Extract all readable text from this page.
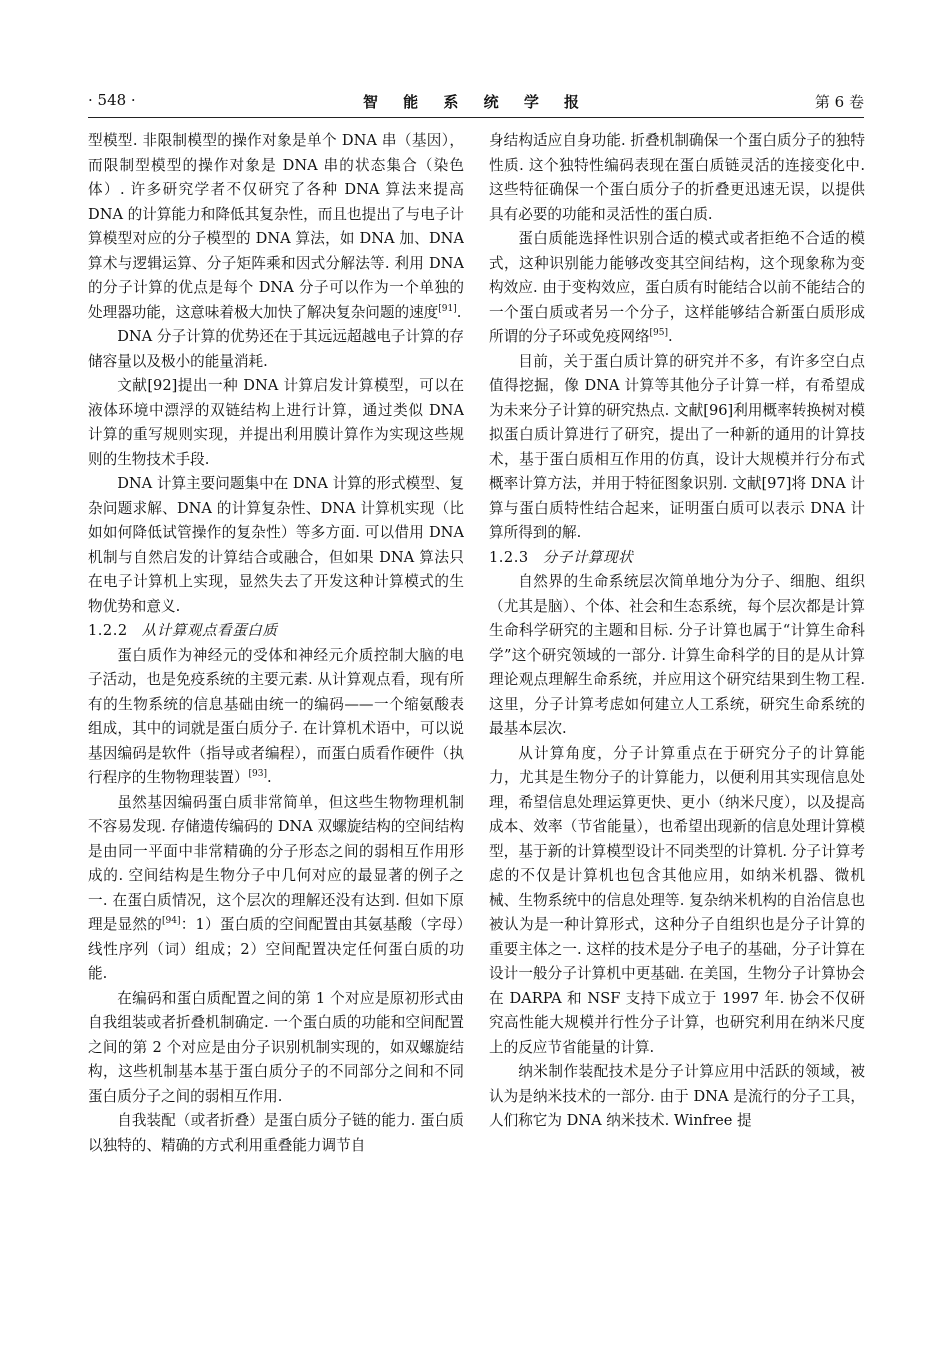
· 548 ·	智 能 系 统 学 报	第 6 卷

型模型. 非限制模型的操作对象是单个 DNA 串（基因），而限制型模型的操作对象是 DNA 串的状态集合（染色体）. 许多研究学者不仅研究了各种 DNA 算法来提高 DNA 的计算能力和降低其复杂性，而且也提出了与电子计算模型对应的分子模型的 DNA 算法，如 DNA 加、DNA 算术与逻辑运算、分子矩阵乘和因式分解法等. 利用 DNA 的分子计算的优点是每个 DNA 分子可以作为一个单独的处理器功能，这意味着极大加快了解决复杂问题的速度[91].

DNA 分子计算的优势还在于其远远超越电子计算的存储容量以及极小的能量消耗.

文献[92]提出一种 DNA 计算启发计算模型，可以在液体环境中漂浮的双链结构上进行计算，通过类似 DNA 计算的重写规则实现，并提出利用膜计算作为实现这些规则的生物技术手段.

DNA 计算主要问题集中在 DNA 计算的形式模型、复杂问题求解、DNA 的计算复杂性、DNA 计算机实现（比如如何降低试管操作的复杂性）等多方面. 可以借用 DNA 机制与自然启发的计算结合或融合，但如果 DNA 算法只在电子计算机上实现，显然失去了开发这种计算模式的生物优势和意义.

1.2.2 从计算观点看蛋白质

蛋白质作为神经元的受体和神经元介质控制大脑的电子活动，也是免疫系统的主要元素. 从计算观点看，现有所有的生物系统的信息基础由统一的编码——一个缩氨酸表组成，其中的词就是蛋白质分子. 在计算机术语中，可以说基因编码是软件（指导或者编程），而蛋白质看作硬件（执行程序的生物物理装置）[93].

虽然基因编码蛋白质非常简单，但这些生物物理机制不容易发现. 存储遗传编码的 DNA 双螺旋结构的空间结构是由同一平面中非常精确的分子形态之间的弱相互作用形成的. 空间结构是生物分子中几何对应的最显著的例子之一. 在蛋白质情况，这个层次的理解还没有达到. 但如下原理是显然的[94]：1）蛋白质的空间配置由其氨基酸（字母）线性序列（词）组成；2）空间配置决定任何蛋白质的功能.

在编码和蛋白质配置之间的第 1 个对应是原初形式由自我组装或者折叠机制确定. 一个蛋白质的功能和空间配置之间的第 2 个对应是由分子识别机制实现的，如双螺旋结构，这些机制基本基于蛋白质分子的不同部分之间和不同蛋白质分子之间的弱相互作用.

自我装配（或者折叠）是蛋白质分子链的能力. 蛋白质以独特的、精确的方式利用重叠能力调节自

身结构适应自身功能. 折叠机制确保一个蛋白质分子的独特性质. 这个独特性编码表现在蛋白质链灵活的连接变化中. 这些特征确保一个蛋白质分子的折叠更迅速无误，以提供具有必要的功能和灵活性的蛋白质.

蛋白质能选择性识别合适的模式或者拒绝不合适的模式，这种识别能力能够改变其空间结构，这个现象称为变构效应. 由于变构效应，蛋白质有时能结合以前不能结合的一个蛋白质或者另一个分子，这样能够结合新蛋白质形成所谓的分子环或免疫网络[95].

目前，关于蛋白质计算的研究并不多，有许多空白点值得挖掘，像 DNA 计算等其他分子计算一样，有希望成为未来分子计算的研究热点. 文献[96]利用概率转换树对模拟蛋白质计算进行了研究，提出了一种新的通用的计算技术，基于蛋白质相互作用的仿真，设计大规模并行分布式概率计算方法，并用于特征图象识别. 文献[97]将 DNA 计算与蛋白质特性结合起来，证明蛋白质可以表示 DNA 计算所得到的解.

1.2.3 分子计算现状

自然界的生命系统层次简单地分为分子、细胞、组织（尤其是脑）、个体、社会和生态系统，每个层次都是计算生命科学研究的主题和目标. 分子计算也属于“计算生命科学”这个研究领域的一部分. 计算生命科学的目的是从计算理论观点理解生命系统，并应用这个研究结果到生物工程. 这里，分子计算考虑如何建立人工系统，研究生命系统的最基本层次.

从计算角度，分子计算重点在于研究分子的计算能力，尤其是生物分子的计算能力，以便利用其实现信息处理，希望信息处理运算更快、更小（纳米尺度），以及提高成本、效率（节省能量），也希望出现新的信息处理计算模型，基于新的计算模型设计不同类型的计算机. 分子计算考虑的不仅是计算机也包含其他应用，如纳米机器、微机械、生物系统中的信息处理等. 复杂纳米机构的自治信息也被认为是一种计算形式，这种分子自组织也是分子计算的重要主体之一. 这样的技术是分子电子的基础，分子计算在设计一般分子计算机中更基础. 在美国，生物分子计算协会在 DARPA 和 NSF 支持下成立于 1997 年. 协会不仅研究高性能大规模并行性分子计算，也研究利用在纳米尺度上的反应节省能量的计算.

纳米制作装配技术是分子计算应用中活跃的领域，被认为是纳米技术的一部分. 由于 DNA 是流行的分子工具，人们称它为 DNA 纳米技术. Winfree 提
